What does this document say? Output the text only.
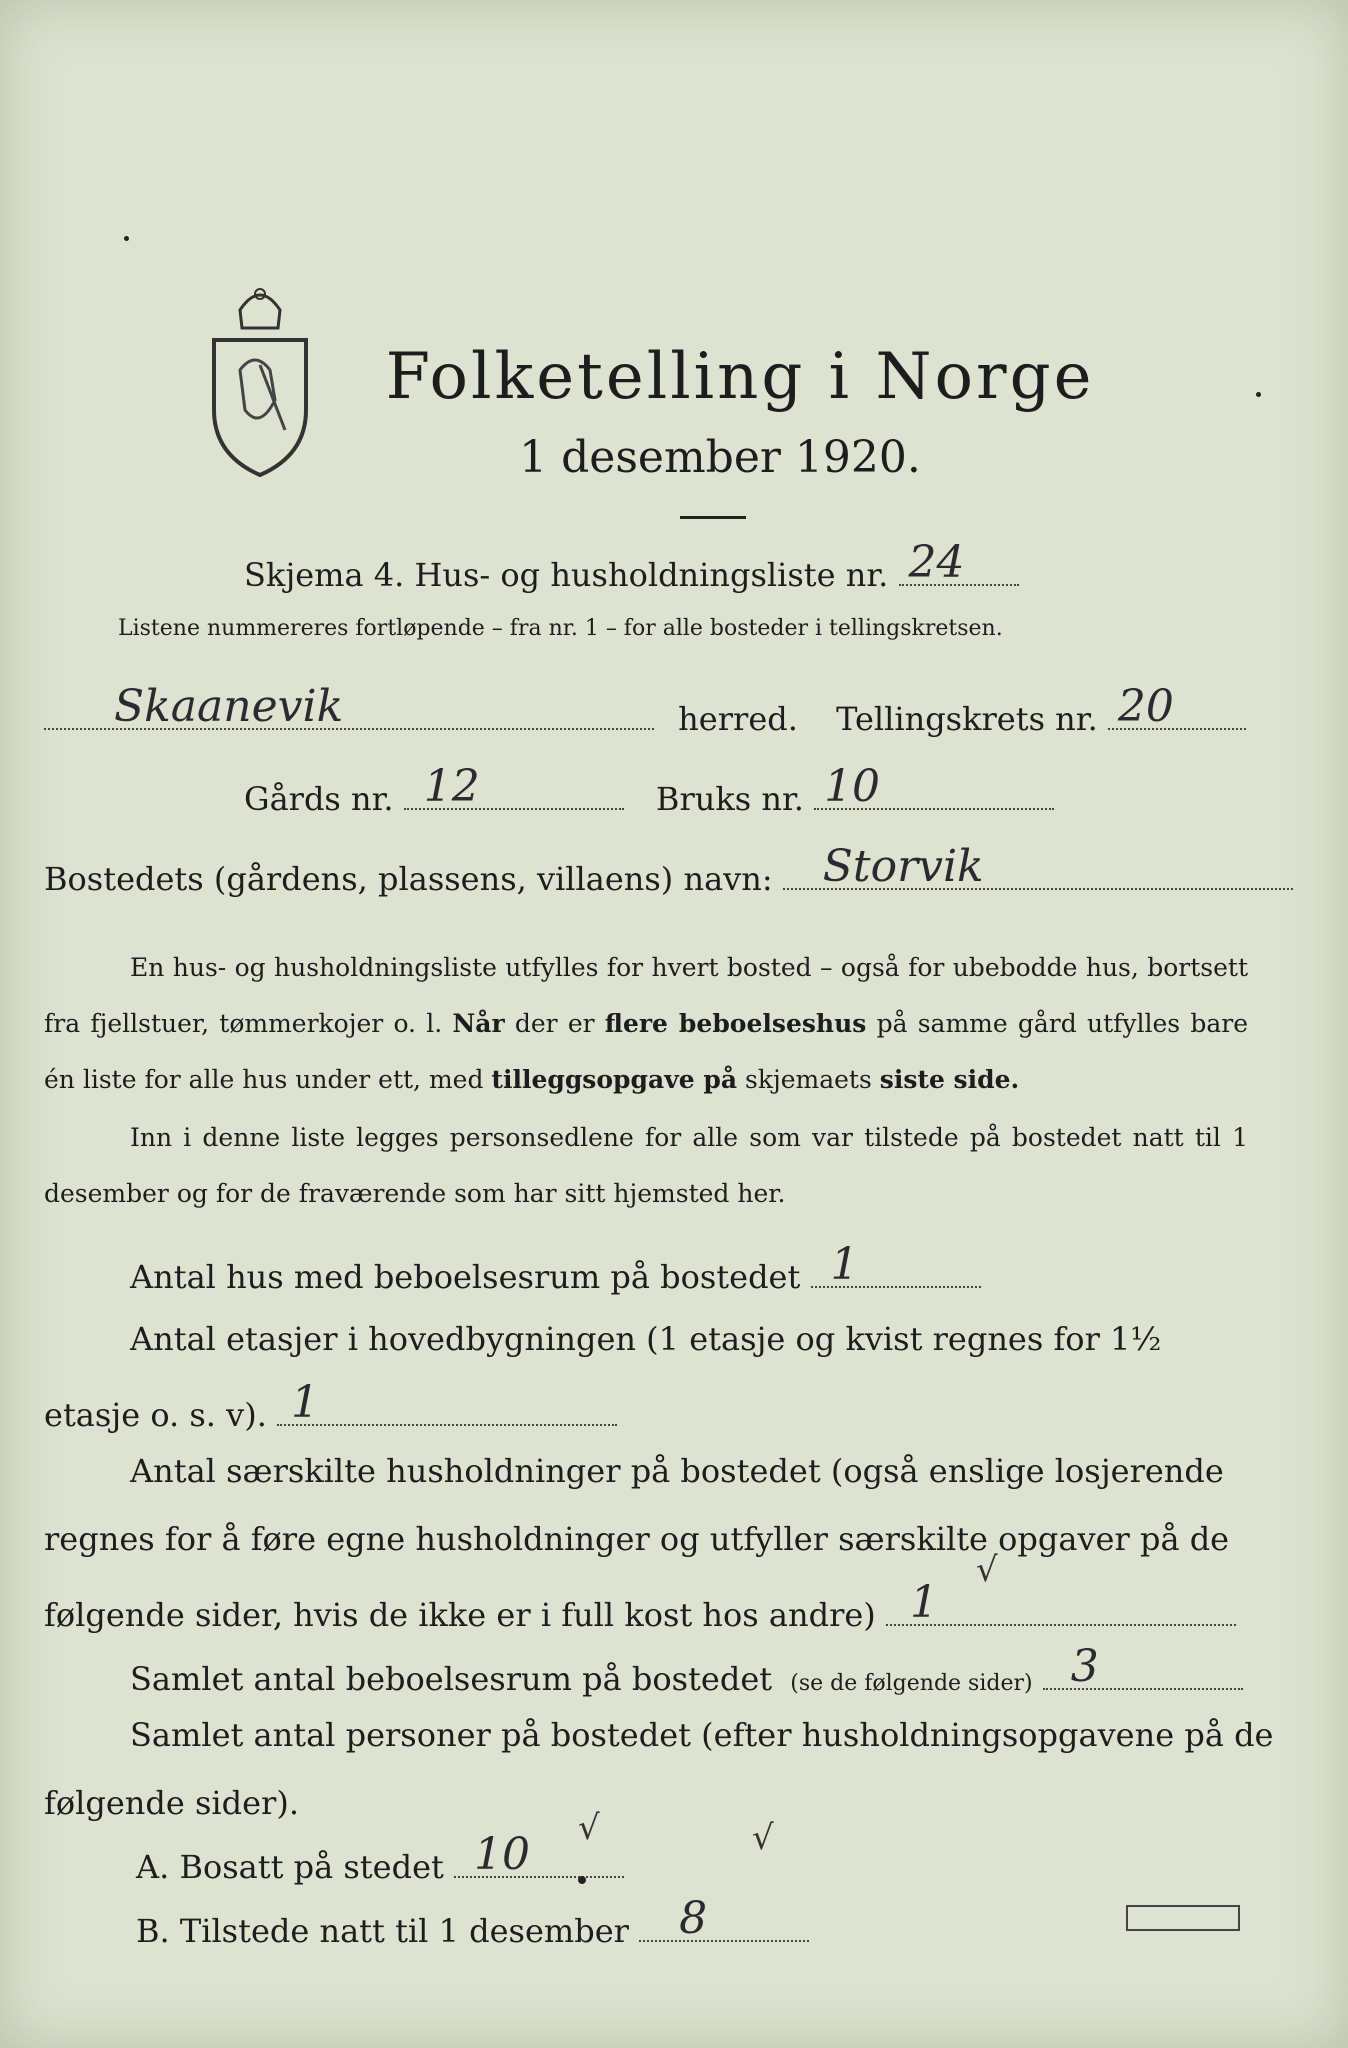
Folketelling i Norge
1 desember 1920.
Skjema 4. Hus- og husholdningsliste nr. 24
Listene nummereres fortløpende – fra nr. 1 – for alle bosteder i tellingskretsen.
Skaanevik	herred. Tellingskrets nr. 20
Gårds nr. 12	Bruks nr. 10
Bostedets (gårdens, plassens, villaens) navn: Storvik
En hus- og husholdningsliste utfylles for hvert bosted – også for ubebodde hus, bortsett fra fjellstuer, tømmerkojer o. l. Når der er flere beboelseshus på samme gård utfylles bare én liste for alle hus under ett, med tilleggsopgave på skjemaets siste side.
Inn i denne liste legges personsedlene for alle som var tilstede på bostedet natt til 1 desember og for de fraværende som har sitt hjemsted her.
Antal hus med beboelsesrum på bostedet 1
Antal etasjer i hovedbygningen (1 etasje og kvist regnes for 1½
etasje o. s. v). 1
Antal særskilte husholdninger på bostedet (også enslige losjerende
regnes for å føre egne husholdninger og utfyller særskilte opgaver på de
følgende sider, hvis de ikke er i full kost hos andre) 1
√
Samlet antal beboelsesrum på bostedet (se de følgende sider) 3
Samlet antal personer på bostedet (efter husholdningsopgavene på de
følgende sider).
A. Bosatt på stedet 10
√	√
B. Tilstede natt til 1 desember 8
